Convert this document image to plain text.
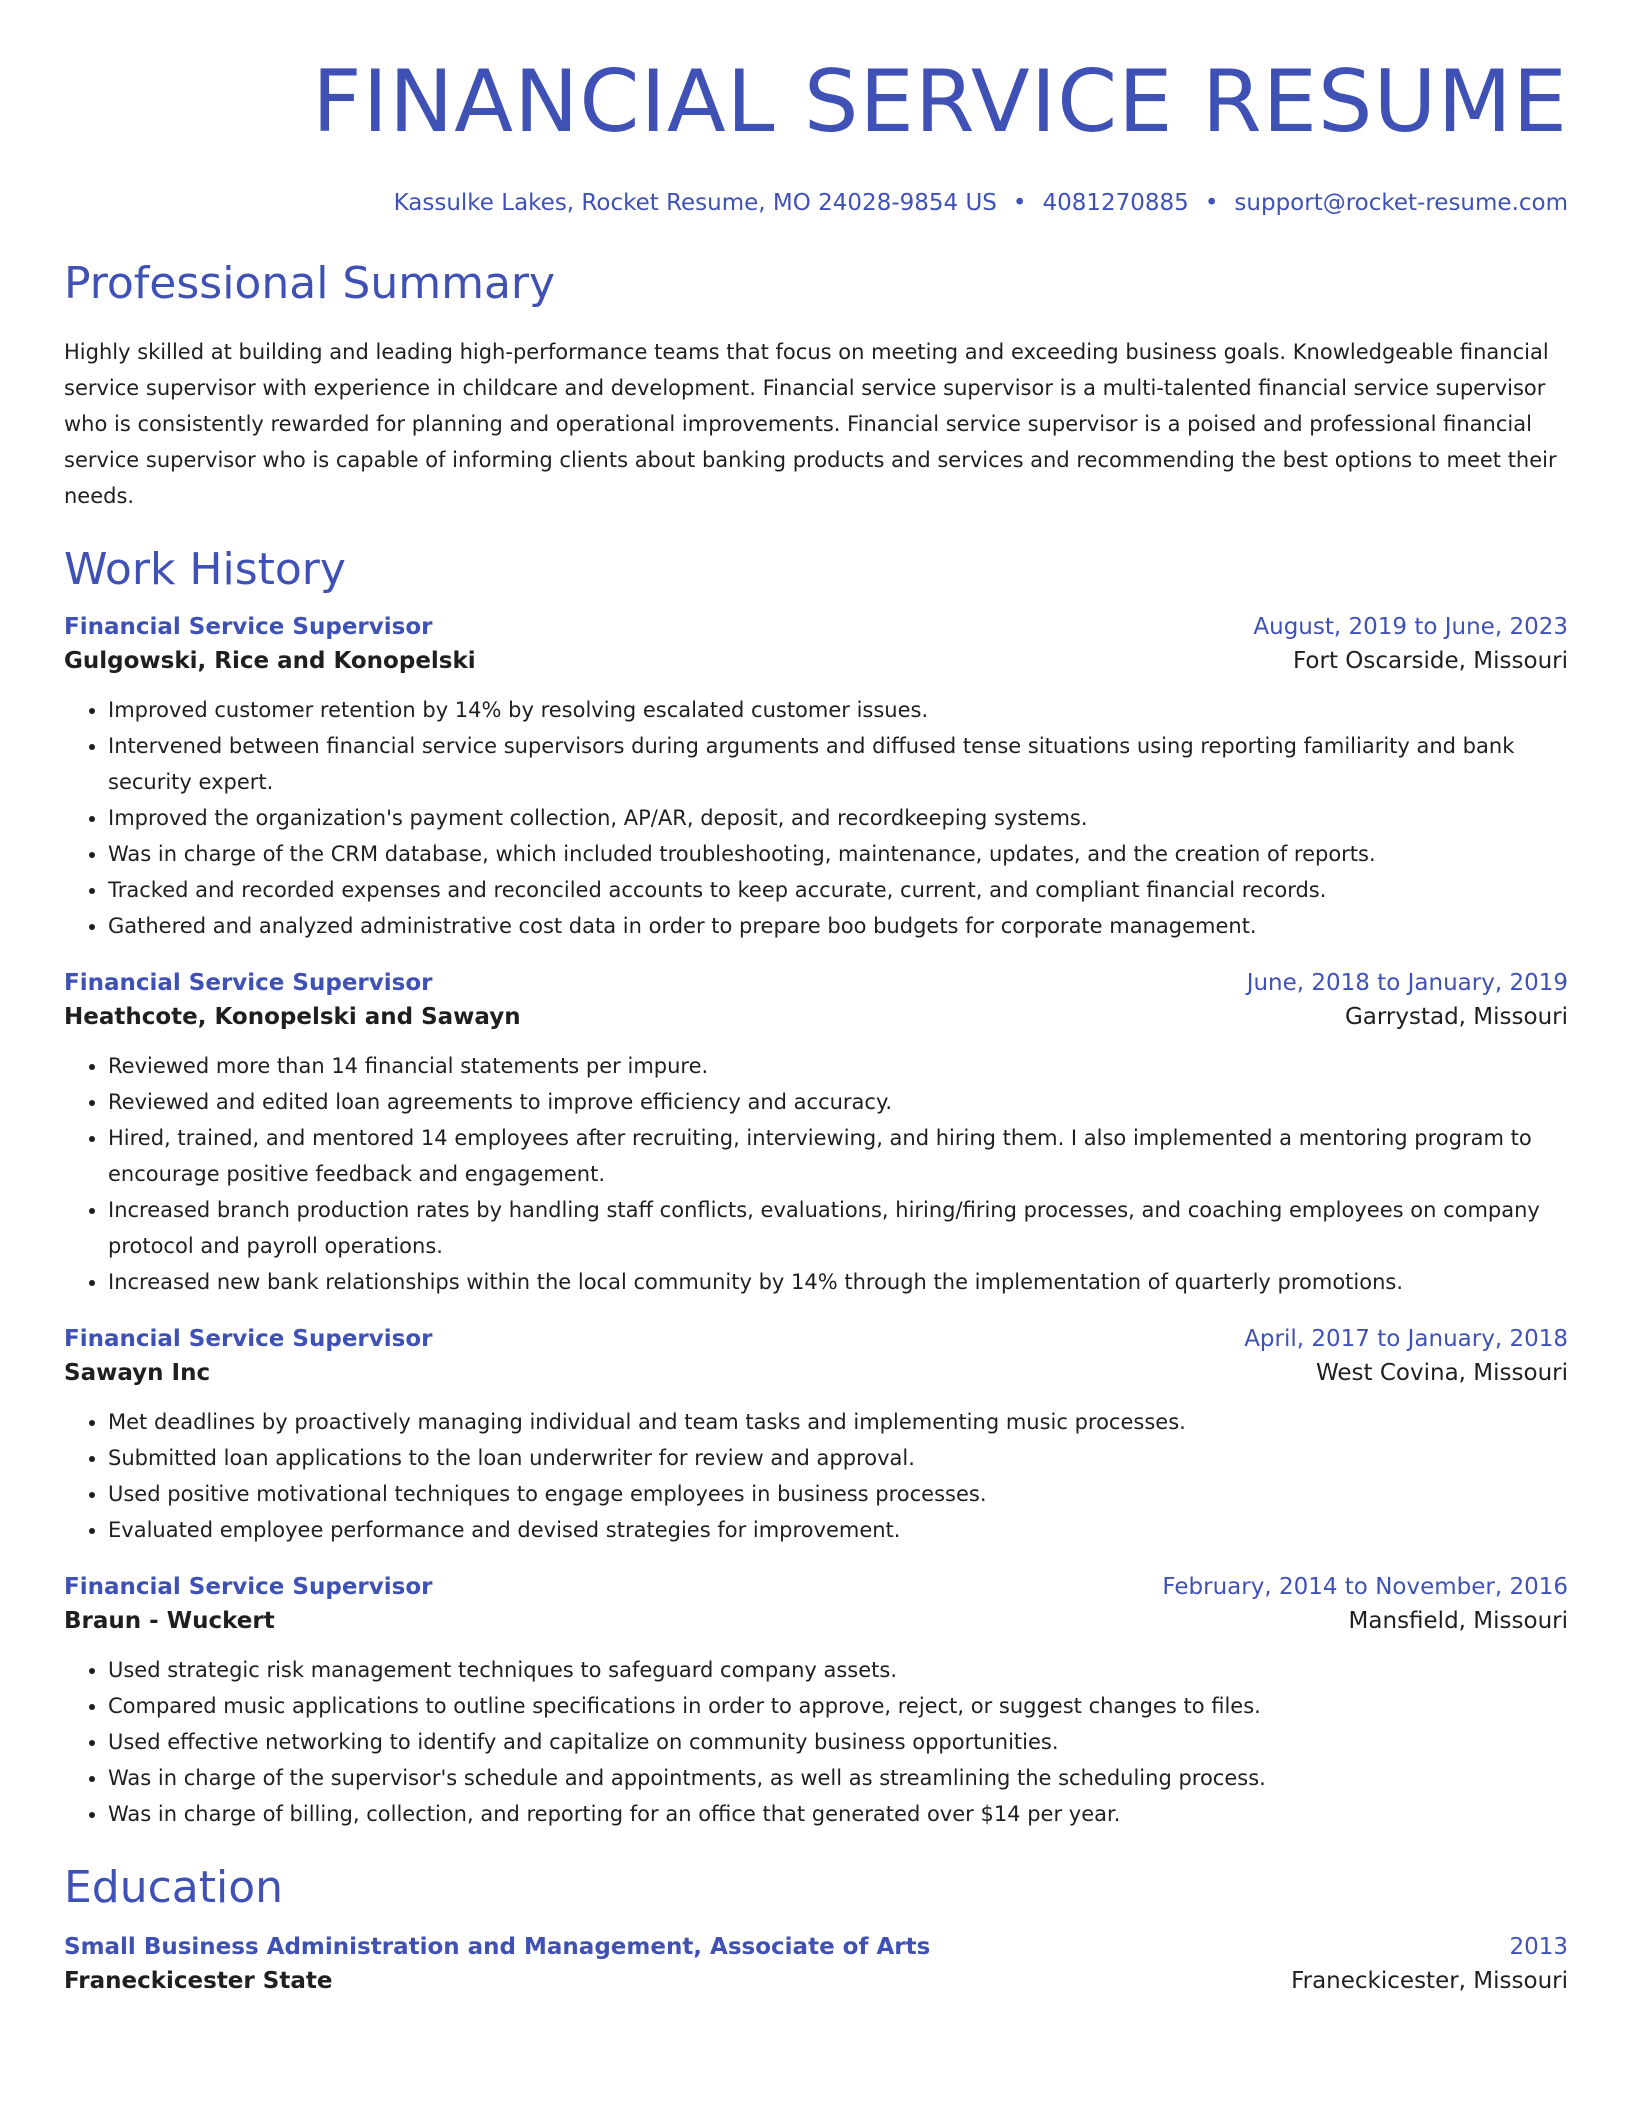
FINANCIAL SERVICE RESUME
Kassulke Lakes, Rocket Resume, MO 24028-9854 US • 4081270885 • support@rocket-resume.com
Professional Summary

Highly skilled at building and leading high-performance teams that focus on meeting and exceeding business goals. Knowledgeable financial service supervisor with experience in childcare and development. Financial service supervisor is a multi-talented financial service supervisor who is consistently rewarded for planning and operational improvements. Financial service supervisor is a poised and professional financial service supervisor who is capable of informing clients about banking products and services and recommending the best options to meet their needs.

Work History
Financial Service Supervisor	August, 2019 to June, 2023
Gulgowski, Rice and Konopelski	Fort Oscarside, Missouri
• Improved customer retention by 14% by resolving escalated customer issues.
• Intervened between financial service supervisors during arguments and diffused tense situations using reporting familiarity and bank security expert.
• Improved the organization's payment collection, AP/AR, deposit, and recordkeeping systems.
• Was in charge of the CRM database, which included troubleshooting, maintenance, updates, and the creation of reports.
• Tracked and recorded expenses and reconciled accounts to keep accurate, current, and compliant financial records.
• Gathered and analyzed administrative cost data in order to prepare boo budgets for corporate management.
Financial Service Supervisor	June, 2018 to January, 2019
Heathcote, Konopelski and Sawayn	Garrystad, Missouri
• Reviewed more than 14 financial statements per impure.
• Reviewed and edited loan agreements to improve efficiency and accuracy.
• Hired, trained, and mentored 14 employees after recruiting, interviewing, and hiring them. I also implemented a mentoring program to encourage positive feedback and engagement.
• Increased branch production rates by handling staff conflicts, evaluations, hiring/firing processes, and coaching employees on company protocol and payroll operations.
• Increased new bank relationships within the local community by 14% through the implementation of quarterly promotions.
Financial Service Supervisor	April, 2017 to January, 2018
Sawayn Inc	West Covina, Missouri
• Met deadlines by proactively managing individual and team tasks and implementing music processes.
• Submitted loan applications to the loan underwriter for review and approval.
• Used positive motivational techniques to engage employees in business processes.
• Evaluated employee performance and devised strategies for improvement.
Financial Service Supervisor	February, 2014 to November, 2016
Braun - Wuckert	Mansfield, Missouri
• Used strategic risk management techniques to safeguard company assets.
• Compared music applications to outline specifications in order to approve, reject, or suggest changes to files.
• Used effective networking to identify and capitalize on community business opportunities.
• Was in charge of the supervisor's schedule and appointments, as well as streamlining the scheduling process.
• Was in charge of billing, collection, and reporting for an office that generated over $14 per year.
Education
Small Business Administration and Management, Associate of Arts	2013
Franeckicester State	Franeckicester, Missouri
